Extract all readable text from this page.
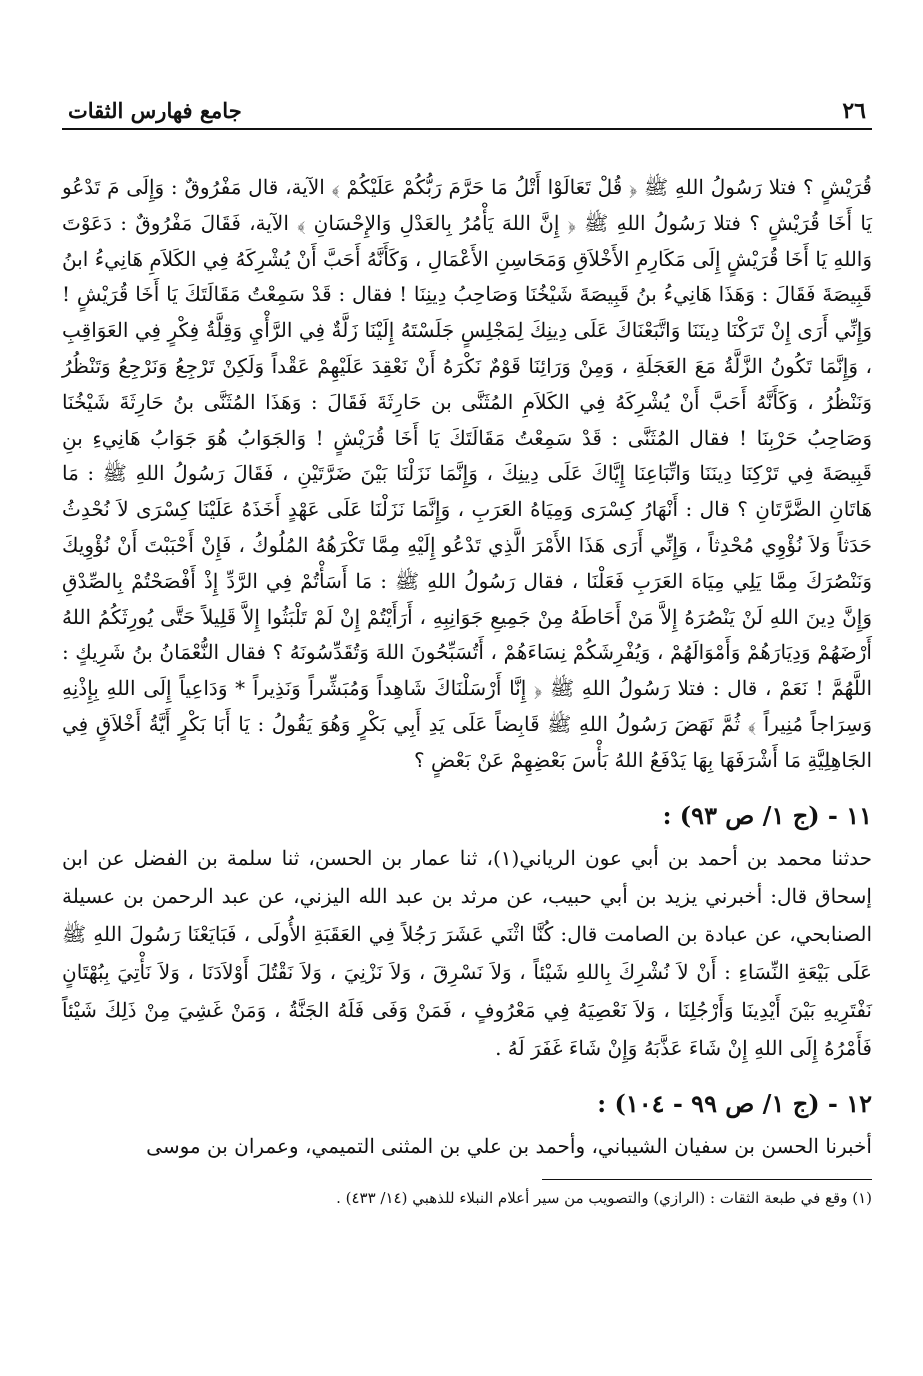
٢٦
جامع فهارس الثقات

قُرَيْشٍ ؟ فتلا رَسُولُ اللهِ ﷺ ﴿ قُلْ تَعَالَوْا أَتْلُ مَا حَرَّمَ رَبُّكُمْ عَلَيْكُمْ ﴾ الآية، قال مَفْرُوقٌ : وَإِلَى مَ تَدْعُو يَا أَخَا قُرَيْشٍ ؟ فتلا رَسُولُ اللهِ ﷺ ﴿ إِنَّ اللهَ يَأْمُرُ بِالعَدْلِ وَالإِحْسَانِ ﴾ الآية، فَقَالَ مَفْرُوقٌ : دَعَوْتَ وَاللهِ يَا أَخَا قُرَيْشٍ إِلَى مَكَارِمِ الأَخْلاَقِ وَمَحَاسِنِ الأَعْمَالِ ، وَكَأَنَّهُ أَحَبَّ أَنْ يُشْرِكَهُ فِي الكَلاَمِ هَانِيءُ ابنُ قَبِيصَةَ فَقَالَ : وَهَذَا هَانِيءُ بنُ قَبِيصَةَ شَيْخُنَا وَصَاحِبُ دِينِنَا ! فقال : قَدْ سَمِعْتُ مَقَالَتَكَ يَا أَخَا قُرَيْشٍ ! وَإِنِّي أَرَى إِنْ تَرَكْنَا دِينَنَا وَاتَّبَعْنَاكَ عَلَى دِينِكَ لِمَجْلِسٍ جَلَسْتَهُ إِلَيْنَا زَلَّةٌ فِي الرَّأْيِ وَقِلَّةُ فِكْرٍ فِي العَوَاقِبِ ، وَإِنَّمَا تَكُونُ الزَّلَّةُ مَعَ العَجَلَةِ ، وَمِنْ وَرَائِنَا قَوْمٌ نَكْرَهُ أَنْ نَعْقِدَ عَلَيْهِمْ عَقْداً وَلَكِنْ تَرْجِعُ وَنَرْجِعُ وَتَنْظُرُ وَنَنْظُرُ ، وَكَأَنَّهُ أَحَبَّ أَنْ يُشْرِكَهُ فِي الكَلاَمِ المُثَنَّى بن حَارِثَةَ فَقَالَ : وَهَذَا المُثَنَّى بنُ حَارِثَةَ شَيْخُنَا وَصَاحِبُ حَرْبِنَا ! فقال المُثَنَّى : قَدْ سَمِعْتُ مَقَالَتَكَ يَا أَخَا قُرَيْشٍ ! وَالجَوَابُ هُوَ جَوَابُ هَانِيءِ بنِ قَبِيصَةَ فِي تَرْكِنَا دِينَنَا وَاتِّبَاعِنَا إِيَّاكَ عَلَى دِينِكَ ، وَإِنَّمَا نَزَلْنَا بَيْنَ ضَرَّتَيْنِ ، فَقَالَ رَسُولُ اللهِ ﷺ : مَا هَاتَانِ الضَّرَّتَانِ ؟ قال : أَنْهَارُ كِسْرَى وَمِيَاهُ العَرَبِ ، وَإِنَّمَا نَزَلْنَا عَلَى عَهْدٍ أَخَذَهُ عَلَيْنَا كِسْرَى لاَ نُحْدِثُ حَدَثاً وَلاَ نُؤْوِي مُحْدِثاً ، وَإِنِّي أَرَى هَذَا الأَمْرَ الَّذِي تَدْعُو إِلَيْهِ مِمَّا تَكْرَهُهُ المُلُوكُ ، فَإِنْ أَحْبَبْتَ أَنْ نُؤْوِيكَ وَنَنْصُرَكَ مِمَّا يَلِي مِيَاهَ العَرَبِ فَعَلْنَا ، فقال رَسُولُ اللهِ ﷺ : مَا أَسَأْتُمْ فِي الرَّدِّ إِذْ أَفْصَحْتُمْ بِالصِّدْقِ وَإِنَّ دِينَ اللهِ لَنْ يَنْصُرَهُ إِلاَّ مَنْ أَحَاطَهُ مِنْ جَمِيعِ جَوَانِبِهِ ، أَرَأَيْتُمْ إِنْ لَمْ تَلْبَثُوا إِلاَّ قَلِيلاً حَتَّى يُورِثَكُمُ اللهُ أَرْضَهُمْ وَدِيَارَهُمْ وَأَمْوَالَهُمْ ، وَيُفْرِشَكُمْ نِسَاءَهُمْ ، أَتُسَبِّحُونَ اللهَ وَتُقَدِّسُونَهُ ؟ فقال النُّعْمَانُ بنُ شَرِيكٍ : اللَّهُمَّ ! نَعَمْ ، قال : فتلا رَسُولُ اللهِ ﷺ ﴿ إِنَّا أَرْسَلْنَاكَ شَاهِداً وَمُبَشِّراً وَنَذِيراً * وَدَاعِياً إِلَى اللهِ بِإِذْنِهِ وَسِرَاجاً مُنِيراً ﴾ ثُمَّ نَهَضَ رَسُولُ اللهِ ﷺ قَابِضاً عَلَى يَدِ أَبِي بَكْرٍ وَهُوَ يَقُولُ : يَا أَبَا بَكْرٍ أَيَّةُ أَخْلاَقٍ فِي الجَاهِلِيَّةِ مَا أَشْرَفَهَا بِهَا يَدْفَعُ اللهُ بَأْسَ بَعْضِهِمْ عَنْ بَعْضٍ ؟

١١ - (ج ١/ ص ٩٣) :

حدثنا محمد بن أحمد بن أبي عون الرياني(١)، ثنا عمار بن الحسن، ثنا سلمة بن الفضل عن ابن إسحاق قال: أخبرني يزيد بن أبي حبيب، عن مرثد بن عبد الله اليزني، عن عبد الرحمن بن عسيلة الصنابحي، عن عبادة بن الصامت قال: كُنَّا اثْنَي عَشَرَ رَجُلاً فِي العَقَبَةِ الأُولَى ، فَبَايَعْنَا رَسُولَ اللهِ ﷺ عَلَى بَيْعَةِ النِّسَاءِ : أَنْ لاَ نُشْرِكَ بِاللهِ شَيْئاً ، وَلاَ نَسْرِقَ ، وَلاَ نَزْنِيَ ، وَلاَ نَقْتُلَ أَوْلاَدَنَا ، وَلاَ نَأْتِيَ بِبُهْتَانٍ نَفْتَرِيهِ بَيْنَ أَيْدِينَا وَأَرْجُلِنَا ، وَلاَ نَعْصِيَهُ فِي مَعْرُوفٍ ، فَمَنْ وَفَى فَلَهُ الجَنَّةُ ، وَمَنْ غَشِيَ مِنْ ذَلِكَ شَيْئاً فَأَمْرُهُ إِلَى اللهِ إِنْ شَاءَ عَذَّبَهُ وَإِنْ شَاءَ غَفَرَ لَهُ .

١٢ - (ج ١/ ص ٩٩ - ١٠٤) :

أخبرنا الحسن بن سفيان الشيباني، وأحمد بن علي بن المثنى التميمي، وعمران بن موسى

(١) وقع في طبعة الثقات : (الرازي) والتصويب من سير أعلام النبلاء للذهبي (١٤/ ٤٣٣) .
